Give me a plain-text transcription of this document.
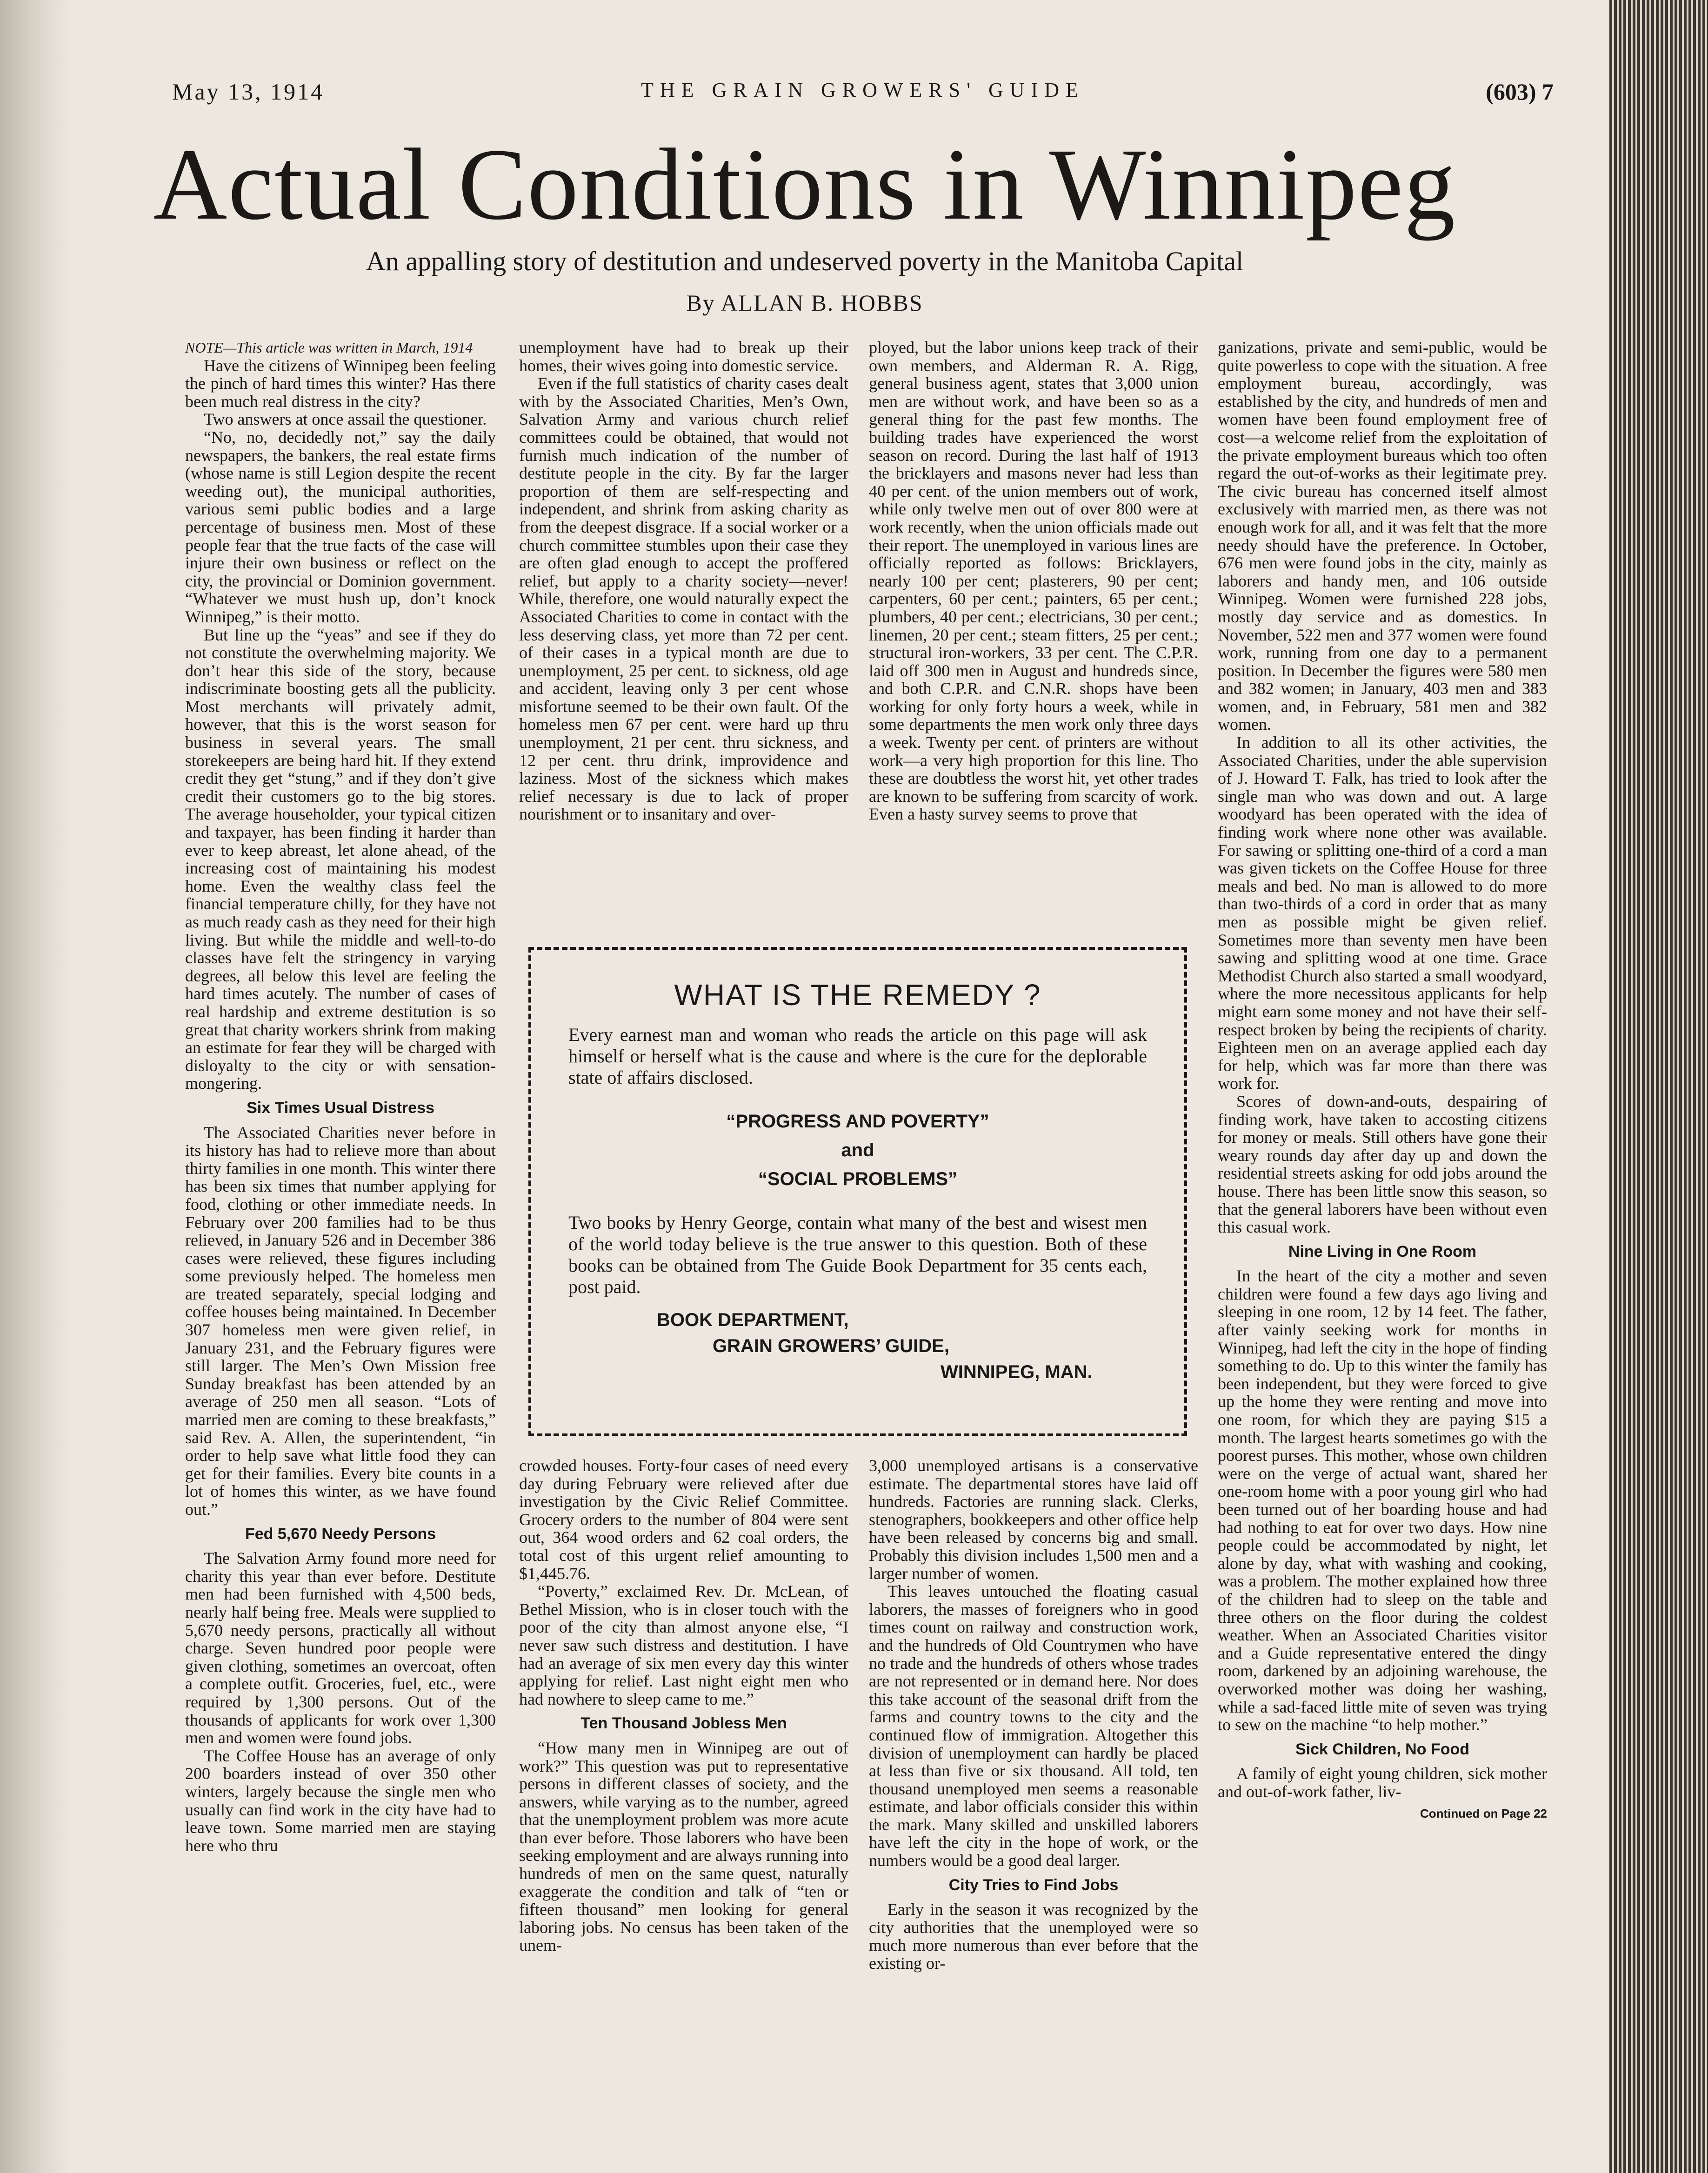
May 13, 1914	THE GRAIN GROWERS' GUIDE	(603) 7
Actual Conditions in Winnipeg
An appalling story of destitution and undeserved poverty in the Manitoba Capital
By ALLAN B. HOBBS

NOTE—This article was written in March, 1914

Have the citizens of Winnipeg been feeling the pinch of hard times this winter? Has there been much real distress in the city?

Two answers at once assail the questioner.

“No, no, decidedly not,” say the daily newspapers, the bankers, the real estate firms (whose name is still Legion despite the recent weeding out), the municipal authorities, various semi public bodies and a large percentage of business men. Most of these people fear that the true facts of the case will injure their own business or reflect on the city, the provincial or Dominion government. “Whatever we must hush up, don’t knock Winnipeg,” is their motto.

But line up the “yeas” and see if they do not constitute the overwhelming majority. We don’t hear this side of the story, because indiscriminate boosting gets all the publicity. Most merchants will privately admit, however, that this is the worst season for business in several years. The small storekeepers are being hard hit. If they extend credit they get “stung,” and if they don’t give credit their customers go to the big stores. The average householder, your typical citizen and taxpayer, has been finding it harder than ever to keep abreast, let alone ahead, of the increasing cost of maintaining his modest home. Even the wealthy class feel the financial temperature chilly, for they have not as much ready cash as they need for their high living. But while the middle and well-to-do classes have felt the stringency in varying degrees, all below this level are feeling the hard times acutely. The number of cases of real hardship and extreme destitution is so great that charity workers shrink from making an estimate for fear they will be charged with disloyalty to the city or with sensation-mongering.

Six Times Usual Distress

The Associated Charities never before in its history has had to relieve more than about thirty families in one month. This winter there has been six times that number applying for food, clothing or other immediate needs. In February over 200 families had to be thus relieved, in January 526 and in December 386 cases were relieved, these figures including some previously helped. The homeless men are treated separately, special lodging and coffee houses being maintained. In December 307 homeless men were given relief, in January 231, and the February figures were still larger. The Men’s Own Mission free Sunday breakfast has been attended by an average of 250 men all season. “Lots of married men are coming to these breakfasts,” said Rev. A. Allen, the superintendent, “in order to help save what little food they can get for their families. Every bite counts in a lot of homes this winter, as we have found out.”

Fed 5,670 Needy Persons

The Salvation Army found more need for charity this year than ever before. Destitute men had been furnished with 4,500 beds, nearly half being free. Meals were supplied to 5,670 needy persons, practically all without charge. Seven hundred poor people were given clothing, sometimes an overcoat, often a complete outfit. Groceries, fuel, etc., were required by 1,300 persons. Out of the thousands of applicants for work over 1,300 men and women were found jobs.

The Coffee House has an average of only 200 boarders instead of over 350 other winters, largely because the single men who usually can find work in the city have had to leave town. Some married men are staying here who thru

unemployment have had to break up their homes, their wives going into domestic service.

Even if the full statistics of charity cases dealt with by the Associated Charities, Men’s Own, Salvation Army and various church relief committees could be obtained, that would not furnish much indication of the number of destitute people in the city. By far the larger proportion of them are self-respecting and independent, and shrink from asking charity as from the deepest disgrace. If a social worker or a church committee stumbles upon their case they are often glad enough to accept the proffered relief, but apply to a charity society—never! While, therefore, one would naturally expect the Associated Charities to come in contact with the less deserving class, yet more than 72 per cent. of their cases in a typical month are due to unemployment, 25 per cent. to sickness, old age and accident, leaving only 3 per cent whose misfortune seemed to be their own fault. Of the homeless men 67 per cent. were hard up thru unemployment, 21 per cent. thru sickness, and 12 per cent. thru drink, improvidence and laziness. Most of the sickness which makes relief necessary is due to lack of proper nourishment or to insanitary and over-

ployed, but the labor unions keep track of their own members, and Alderman R. A. Rigg, general business agent, states that 3,000 union men are without work, and have been so as a general thing for the past few months. The building trades have experienced the worst season on record. During the last half of 1913 the bricklayers and masons never had less than 40 per cent. of the union members out of work, while only twelve men out of over 800 were at work recently, when the union officials made out their report. The unemployed in various lines are officially reported as follows: Bricklayers, nearly 100 per cent; plasterers, 90 per cent; carpenters, 60 per cent.; painters, 65 per cent.; plumbers, 40 per cent.; electricians, 30 per cent.; linemen, 20 per cent.; steam fitters, 25 per cent.; structural iron-workers, 33 per cent. The C.P.R. laid off 300 men in August and hundreds since, and both C.P.R. and C.N.R. shops have been working for only forty hours a week, while in some departments the men work only three days a week. Twenty per cent. of printers are without work—a very high proportion for this line. Tho these are doubtless the worst hit, yet other trades are known to be suffering from scarcity of work. Even a hasty survey seems to prove that

WHAT IS THE REMEDY ?

Every earnest man and woman who reads the article on this page will ask himself or herself what is the cause and where is the cure for the deplorable state of affairs disclosed.

“PROGRESS AND POVERTY”
and
“SOCIAL PROBLEMS”

Two books by Henry George, contain what many of the best and wisest men of the world today believe is the true answer to this question. Both of these books can be obtained from The Guide Book Department for 35 cents each, post paid.

BOOK DEPARTMENT,
GRAIN GROWERS’ GUIDE,
WINNIPEG, MAN.

crowded houses. Forty-four cases of need every day during February were relieved after due investigation by the Civic Relief Committee. Grocery orders to the number of 804 were sent out, 364 wood orders and 62 coal orders, the total cost of this urgent relief amounting to $1,445.76.

“Poverty,” exclaimed Rev. Dr. McLean, of Bethel Mission, who is in closer touch with the poor of the city than almost anyone else, “I never saw such distress and destitution. I have had an average of six men every day this winter applying for relief. Last night eight men who had nowhere to sleep came to me.”

Ten Thousand Jobless Men

“How many men in Winnipeg are out of work?” This question was put to representative persons in different classes of society, and the answers, while varying as to the number, agreed that the unemployment problem was more acute than ever before. Those laborers who have been seeking employment and are always running into hundreds of men on the same quest, naturally exaggerate the condition and talk of “ten or fifteen thousand” men looking for general laboring jobs. No census has been taken of the unem-

3,000 unemployed artisans is a conservative estimate. The departmental stores have laid off hundreds. Factories are running slack. Clerks, stenographers, bookkeepers and other office help have been released by concerns big and small. Probably this division includes 1,500 men and a larger number of women.

This leaves untouched the floating casual laborers, the masses of foreigners who in good times count on railway and construction work, and the hundreds of Old Countrymen who have no trade and the hundreds of others whose trades are not represented or in demand here. Nor does this take account of the seasonal drift from the farms and country towns to the city and the continued flow of immigration. Altogether this division of unemployment can hardly be placed at less than five or six thousand. All told, ten thousand unemployed men seems a reasonable estimate, and labor officials consider this within the mark. Many skilled and unskilled laborers have left the city in the hope of work, or the numbers would be a good deal larger.

City Tries to Find Jobs

Early in the season it was recognized by the city authorities that the unemployed were so much more numerous than ever before that the existing or-

ganizations, private and semi-public, would be quite powerless to cope with the situation. A free employment bureau, accordingly, was established by the city, and hundreds of men and women have been found employment free of cost—a welcome relief from the exploitation of the private employment bureaus which too often regard the out-of-works as their legitimate prey. The civic bureau has concerned itself almost exclusively with married men, as there was not enough work for all, and it was felt that the more needy should have the preference. In October, 676 men were found jobs in the city, mainly as laborers and handy men, and 106 outside Winnipeg. Women were furnished 228 jobs, mostly day service and as domestics. In November, 522 men and 377 women were found work, running from one day to a permanent position. In December the figures were 580 men and 382 women; in January, 403 men and 383 women, and, in February, 581 men and 382 women.

In addition to all its other activities, the Associated Charities, under the able supervision of J. Howard T. Falk, has tried to look after the single man who was down and out. A large woodyard has been operated with the idea of finding work where none other was available. For sawing or splitting one-third of a cord a man was given tickets on the Coffee House for three meals and bed. No man is allowed to do more than two-thirds of a cord in order that as many men as possible might be given relief. Sometimes more than seventy men have been sawing and splitting wood at one time. Grace Methodist Church also started a small woodyard, where the more necessitous applicants for help might earn some money and not have their self-respect broken by being the recipients of charity. Eighteen men on an average applied each day for help, which was far more than there was work for.

Scores of down-and-outs, despairing of finding work, have taken to accosting citizens for money or meals. Still others have gone their weary rounds day after day up and down the residential streets asking for odd jobs around the house. There has been little snow this season, so that the general laborers have been without even this casual work.

Nine Living in One Room

In the heart of the city a mother and seven children were found a few days ago living and sleeping in one room, 12 by 14 feet. The father, after vainly seeking work for months in Winnipeg, had left the city in the hope of finding something to do. Up to this winter the family has been independent, but they were forced to give up the home they were renting and move into one room, for which they are paying $15 a month. The largest hearts sometimes go with the poorest purses. This mother, whose own children were on the verge of actual want, shared her one-room home with a poor young girl who had been turned out of her boarding house and had had nothing to eat for over two days. How nine people could be accommodated by night, let alone by day, what with washing and cooking, was a problem. The mother explained how three of the children had to sleep on the table and three others on the floor during the coldest weather. When an Associated Charities visitor and a Guide representative entered the dingy room, darkened by an adjoining warehouse, the overworked mother was doing her washing, while a sad-faced little mite of seven was trying to sew on the machine “to help mother.”

Sick Children, No Food

A family of eight young children, sick mother and out-of-work father, liv-

Continued on Page 22
